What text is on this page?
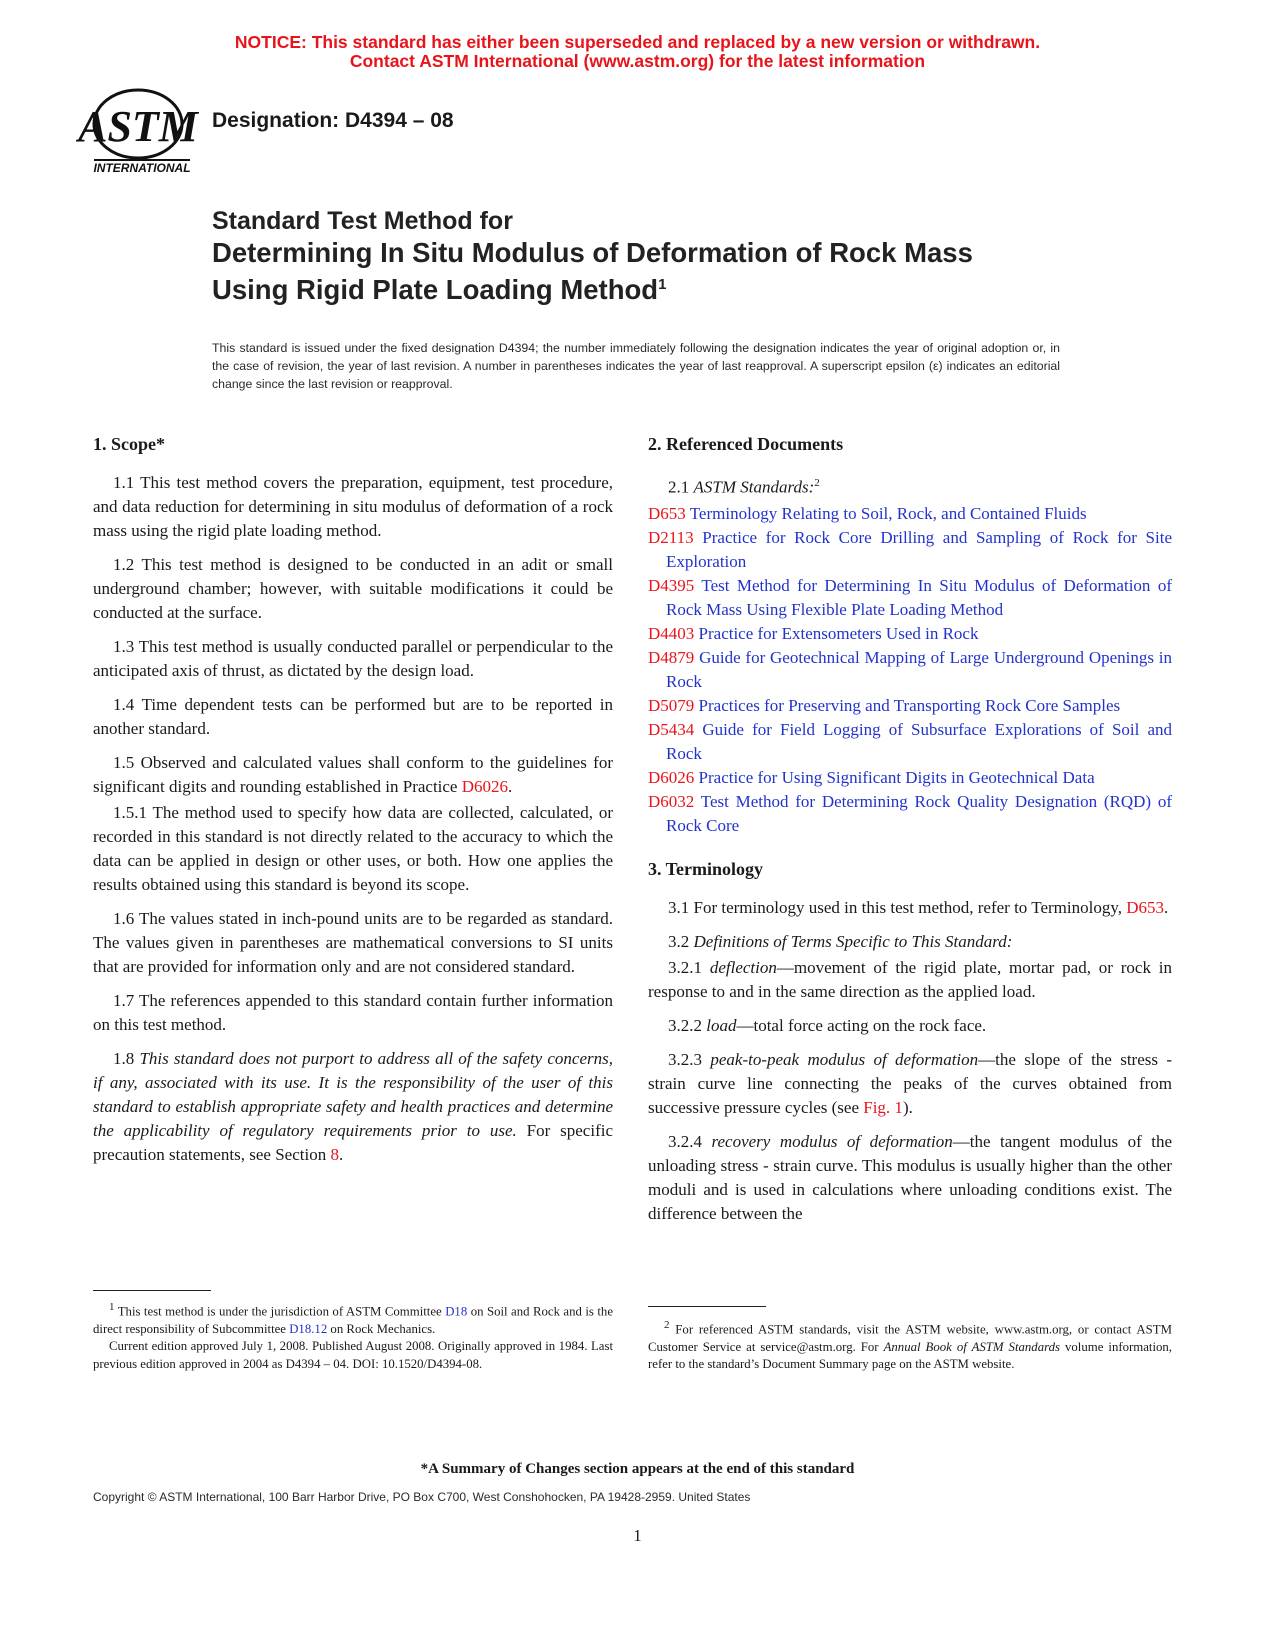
NOTICE: This standard has either been superseded and replaced by a new version or withdrawn.
Contact ASTM International (www.astm.org) for the latest information
ASTM
INTERNATIONAL
Designation: D4394 – 08
Standard Test Method for
Determining In Situ Modulus of Deformation of Rock Mass
Using Rigid Plate Loading Method$^1$
This standard is issued under the fixed designation D4394; the number immediately following the designation indicates the year of original adoption or, in the case of revision, the year of last revision. A number in parentheses indicates the year of last reapproval. A superscript epsilon (ε) indicates an editorial change since the last revision or reapproval.
1. Scope*

1.1 This test method covers the preparation, equipment, test procedure, and data reduction for determining in situ modulus of deformation of a rock mass using the rigid plate loading method.

1.2 This test method is designed to be conducted in an adit or small underground chamber; however, with suitable modifications it could be conducted at the surface.

1.3 This test method is usually conducted parallel or perpendicular to the anticipated axis of thrust, as dictated by the design load.

1.4 Time dependent tests can be performed but are to be reported in another standard.

1.5 Observed and calculated values shall conform to the guidelines for significant digits and rounding established in Practice D6026.

1.5.1 The method used to specify how data are collected, calculated, or recorded in this standard is not directly related to the accuracy to which the data can be applied in design or other uses, or both. How one applies the results obtained using this standard is beyond its scope.

1.6 The values stated in inch-pound units are to be regarded as standard. The values given in parentheses are mathematical conversions to SI units that are provided for information only and are not considered standard.

1.7 The references appended to this standard contain further information on this test method.

1.8 This standard does not purport to address all of the safety concerns, if any, associated with its use. It is the responsibility of the user of this standard to establish appropriate safety and health practices and determine the applicability of regulatory requirements prior to use. For specific precaution statements, see Section 8.

2. Referenced Documents

2.1 ASTM Standards:$^2$

D653 Terminology Relating to Soil, Rock, and Contained Fluids
D2113 Practice for Rock Core Drilling and Sampling of Rock for Site Exploration
D4395 Test Method for Determining In Situ Modulus of Deformation of Rock Mass Using Flexible Plate Loading Method
D4403 Practice for Extensometers Used in Rock
D4879 Guide for Geotechnical Mapping of Large Underground Openings in Rock
D5079 Practices for Preserving and Transporting Rock Core Samples
D5434 Guide for Field Logging of Subsurface Explorations of Soil and Rock
D6026 Practice for Using Significant Digits in Geotechnical Data
D6032 Test Method for Determining Rock Quality Designation (RQD) of Rock Core
3. Terminology

3.1 For terminology used in this test method, refer to Terminology, D653.

3.2 Definitions of Terms Specific to This Standard:

3.2.1 deflection—movement of the rigid plate, mortar pad, or rock in response to and in the same direction as the applied load.

3.2.2 load—total force acting on the rock face.

3.2.3 peak-to-peak modulus of deformation—the slope of the stress - strain curve line connecting the peaks of the curves obtained from successive pressure cycles (see Fig. 1).

3.2.4 recovery modulus of deformation—the tangent modulus of the unloading stress - strain curve. This modulus is usually higher than the other moduli and is used in calculations where unloading conditions exist. The difference between the

$^1$ This test method is under the jurisdiction of ASTM Committee D18 on Soil and Rock and is the direct responsibility of Subcommittee D18.12 on Rock Mechanics.

Current edition approved July 1, 2008. Published August 2008. Originally approved in 1984. Last previous edition approved in 2004 as D4394 – 04. DOI: 10.1520/D4394-08.

$^2$ For referenced ASTM standards, visit the ASTM website, www.astm.org, or contact ASTM Customer Service at service@astm.org. For Annual Book of ASTM Standards volume information, refer to the standard’s Document Summary page on the ASTM website.

*A Summary of Changes section appears at the end of this standard
Copyright © ASTM International, 100 Barr Harbor Drive, PO Box C700, West Conshohocken, PA 19428-2959. United States
1
